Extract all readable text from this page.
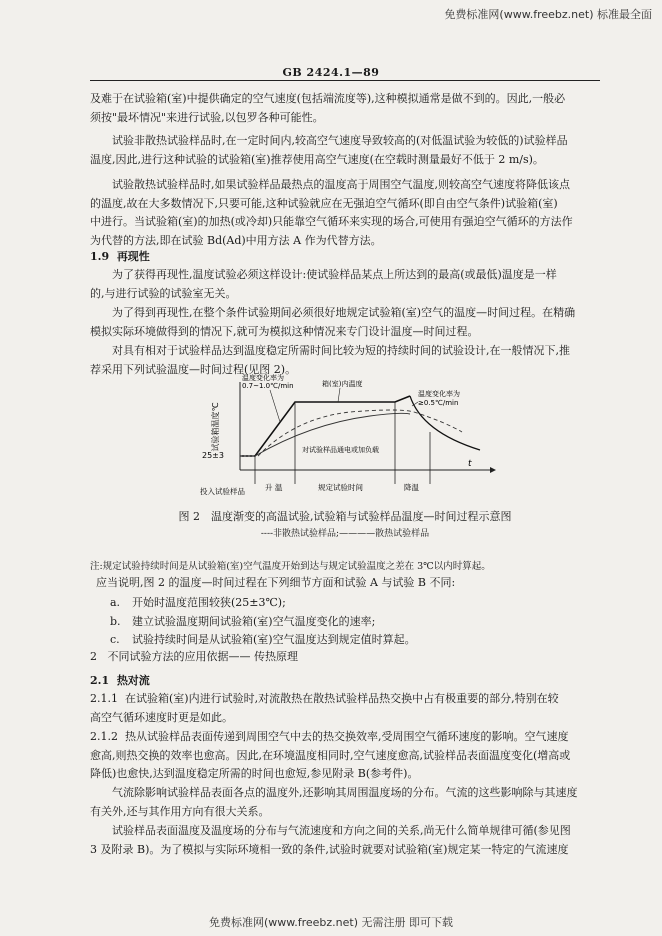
免费标准网(www.freebz.net) 标准最全面
GB 2424.1—89
及难于在试验箱(室)中提供确定的空气速度(包括端流度等),这种模拟通常是做不到的。因此,一般必
须按"最坏情况"来进行试验,以包罗各种可能性。
试验非散热试验样品时,在一定时间内,较高空气速度导致较高的(对低温试验为较低的)试验样品
温度,因此,进行这种试验的试验箱(室)推荐使用高空气速度(在空载时测量最好不低于 2 m/s)。
试验散热试验样品时,如果试验样品最热点的温度高于周围空气温度,则较高空气速度将降低该点
的温度,故在大多数情况下,只要可能,这种试验就应在无强迫空气循环(即自由空气条件)试验箱(室)
中进行。当试验箱(室)的加热(或冷却)只能靠空气循环来实现的场合,可使用有强迫空气循环的方法作
为代替的方法,即在试验 Bd(Ad)中用方法 A 作为代替方法。
1.9 再现性
为了获得再现性,温度试验必须这样设计:使试验样品某点上所达到的最高(或最低)温度是一样
的,与进行试验的试验室无关。
为了得到再现性,在整个条件试验期间必须很好地规定试验箱(室)空气的温度—时间过程。在精确
模拟实际环境做得到的情况下,就可为模拟这种情况来专门设计温度—时间过程。
对具有相对于试验样品达到温度稳定所需时间比较为短的持续时间的试验设计,在一般情况下,推
荐采用下列试验温度—时间过程(见图 2)。
试验箱温度℃
25±3
t
温度变化率为
0.7~1.0℃/min	箱(室)内温度
温度变化率为
≥0.5℃/min
对试验样品通电或加负载
投入试验样品	升 温	规定试验时间	降温
图 2　温度渐变的高温试验,试验箱与试验样品温度—时间过程示意图
----非散热试验样品;————散热试验样品
注:规定试验持续时间是从试验箱(室)空气温度开始到达与规定试验温度之差在 3℃以内时算起。
应当说明,图 2 的温度—时间过程在下列细节方面和试验 A 与试验 B 不同:
a. 开始时温度范围较狭(25±3℃);
b. 建立试验温度期间试验箱(室)空气温度变化的速率;
c. 试验持续时间是从试验箱(室)空气温度达到规定值时算起。
2 不同试验方法的应用依据—— 传热原理
2.1 热对流
2.1.1 在试验箱(室)内进行试验时,对流散热在散热试验样品热交换中占有极重要的部分,特别在较
高空气循环速度时更是如此。
2.1.2 热从试验样品表面传递到周围空气中去的热交换效率,受周围空气循环速度的影响。空气速度
愈高,则热交换的效率也愈高。因此,在环境温度相同时,空气速度愈高,试验样品表面温度变化(增高或
降低)也愈快,达到温度稳定所需的时间也愈短,参见附录 B(参考件)。
气流除影响试验样品表面各点的温度外,还影响其周围温度场的分布。气流的这些影响除与其速度
有关外,还与其作用方向有很大关系。
试验样品表面温度及温度场的分布与气流速度和方向之间的关系,尚无什么简单规律可循(参见图
3 及附录 B)。为了模拟与实际环境相一致的条件,试验时就要对试验箱(室)规定某一特定的气流速度
免费标准网(www.freebz.net) 无需注册 即可下载
